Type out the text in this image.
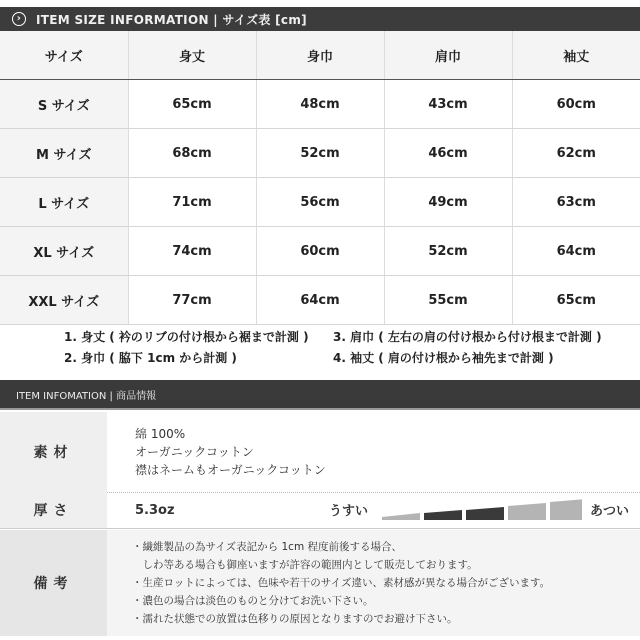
›	ITEM SIZE INFORMATION | サイズ表 [cm]
サイズ	身丈	身巾	肩巾	袖丈
S サイズ	65cm	48cm	43cm	60cm
M サイズ	68cm	52cm	46cm	62cm
L サイズ	71cm	56cm	49cm	63cm
XL サイズ	74cm	60cm	52cm	64cm
XXL サイズ	77cm	64cm	55cm	65cm
1. 身丈 ( 衿のリブの付け根から裾まで計測 )
2. 身巾 ( 脇下 1cm から計測 )
3. 肩巾 ( 左右の肩の付け根から付け根まで計測 )
4. 袖丈 ( 肩の付け根から袖先まで計測 )
ITEM INFOMATION | 商品情報
素材
綿 100%
オーガニックコットン
襟はネームもオーガニックコットン
厚さ	5.3oz	うすい	あつい
備考
・繊維製品の為サイズ表記から 1cm 程度前後する場合、
　しわ等ある場合も御座いますが許容の範囲内として販売しております。
・生産ロットによっては、色味や若干のサイズ違い、素材感が異なる場合がございます。
・濃色の場合は淡色のものと分けてお洗い下さい。
・濡れた状態での放置は色移りの原因となりますのでお避け下さい。
